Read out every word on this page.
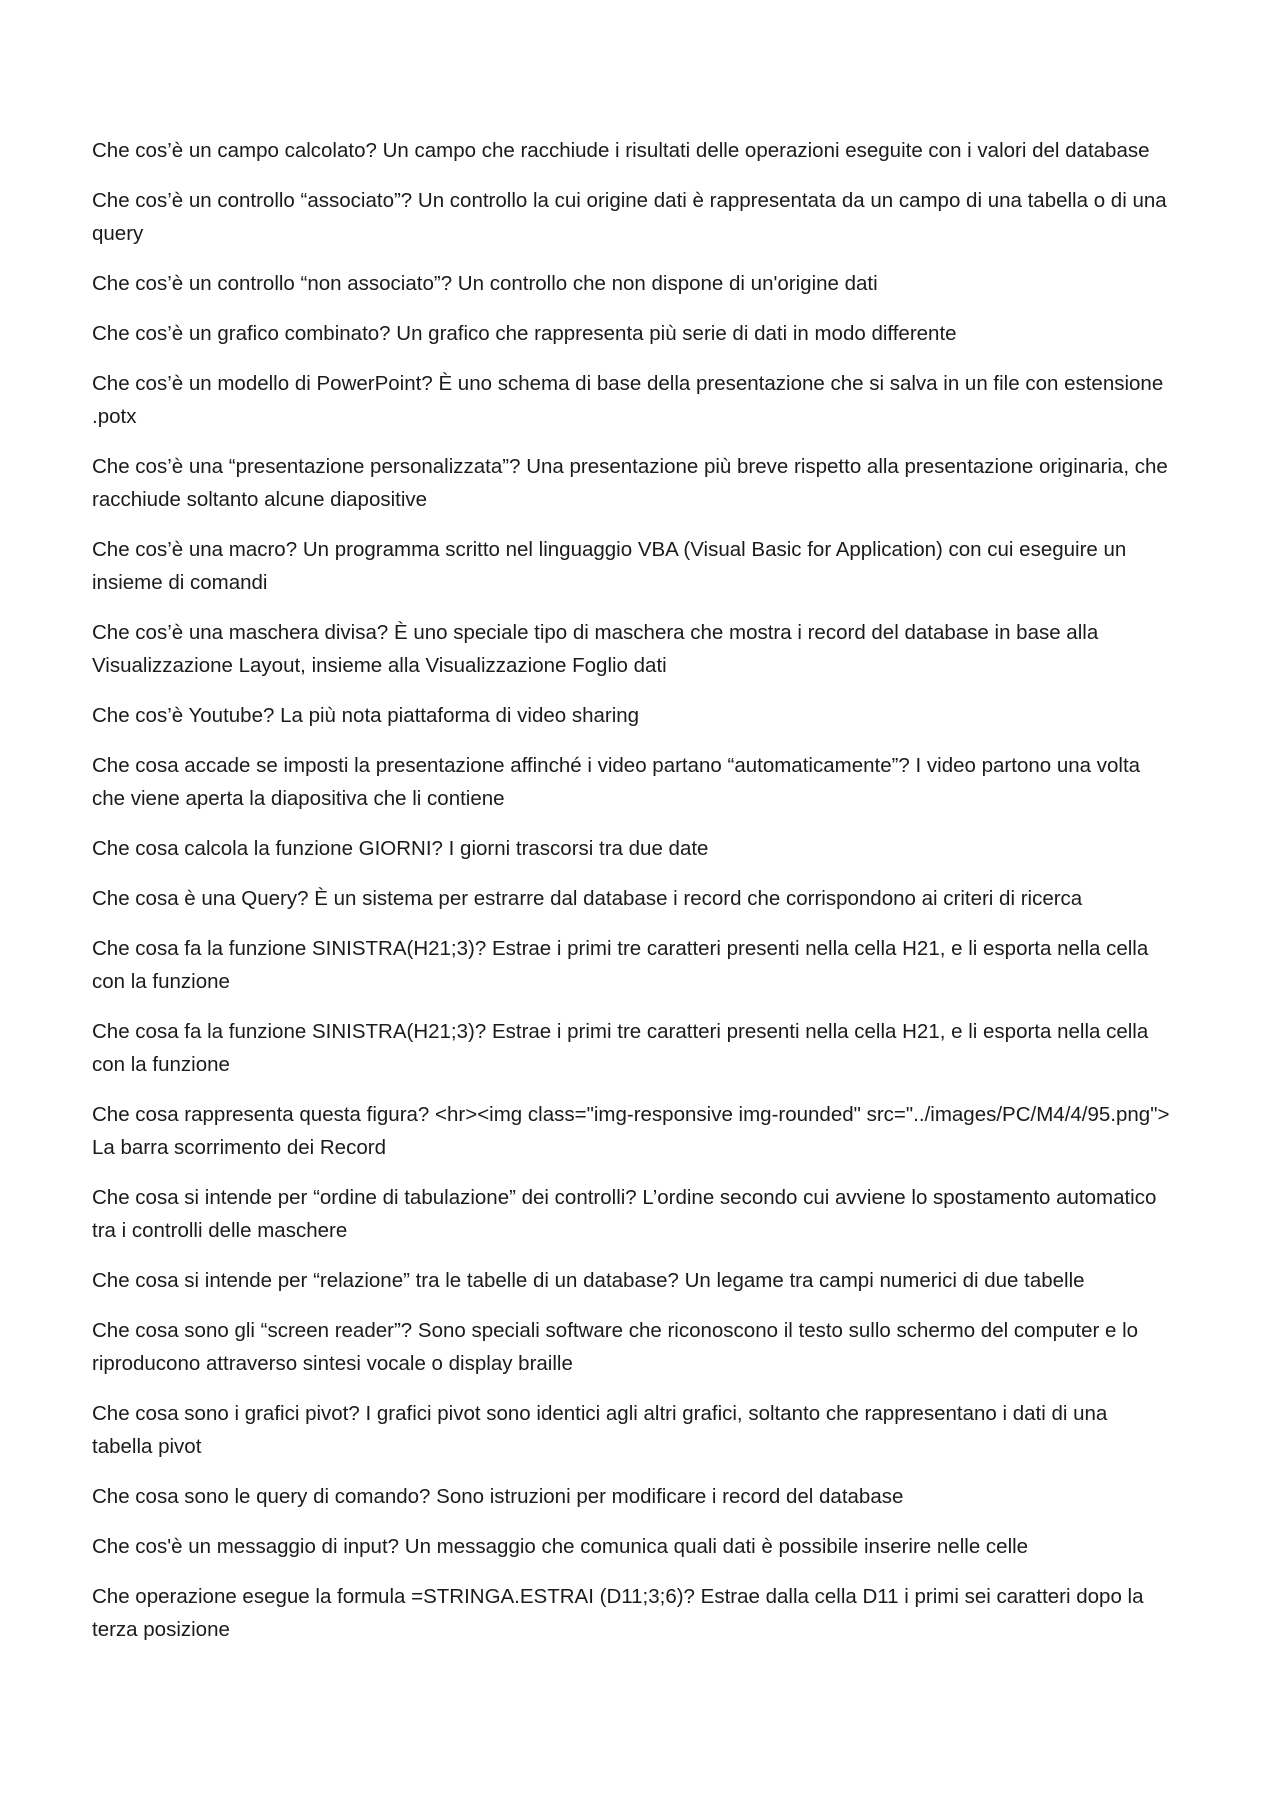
Che cos’è un campo calcolato? Un campo che racchiude i risultati delle operazioni eseguite con i valori del database

Che cos’è un controllo “associato”? Un controllo la cui origine dati è rappresentata da un campo di una tabella o di una query

Che cos’è un controllo “non associato”? Un controllo che non dispone di un'origine dati

Che cos’è un grafico combinato? Un grafico che rappresenta più serie di dati in modo differente

Che cos’è un modello di PowerPoint? È uno schema di base della presentazione che si salva in un file con estensione .potx

Che cos’è una “presentazione personalizzata”? Una presentazione più breve rispetto alla presentazione originaria, che racchiude soltanto alcune diapositive

Che cos’è una macro? Un programma scritto nel linguaggio VBA (Visual Basic for Application) con cui eseguire un insieme di comandi

Che cos’è una maschera divisa? È uno speciale tipo di maschera che mostra i record del database in base alla Visualizzazione Layout, insieme alla Visualizzazione Foglio dati

Che cos’è Youtube? La più nota piattaforma di video sharing

Che cosa accade se imposti la presentazione affinché i video partano “automaticamente”? I video partono una volta che viene aperta la diapositiva che li contiene

Che cosa calcola la funzione GIORNI? I giorni trascorsi tra due date

Che cosa è una Query? È un sistema per estrarre dal database i record che corrispondono ai criteri di ricerca

Che cosa fa la funzione SINISTRA(H21;3)? Estrae i primi tre caratteri presenti nella cella H21, e li esporta nella cella con la funzione

Che cosa fa la funzione SINISTRA(H21;3)? Estrae i primi tre caratteri presenti nella cella H21, e li esporta nella cella con la funzione

Che cosa rappresenta questa figura? <hr><img class="img-responsive img-rounded" src="../images/PC/M4/4/95.png"> La barra scorrimento dei Record

Che cosa si intende per “ordine di tabulazione” dei controlli? L’ordine secondo cui avviene lo spostamento automatico tra i controlli delle maschere

Che cosa si intende per “relazione” tra le tabelle di un database? Un legame tra campi numerici di due tabelle

Che cosa sono gli “screen reader”? Sono speciali software che riconoscono il testo sullo schermo del computer e lo riproducono attraverso sintesi vocale o display braille

Che cosa sono i grafici pivot? I grafici pivot sono identici agli altri grafici, soltanto che rappresentano i dati di una tabella pivot

Che cosa sono le query di comando? Sono istruzioni per modificare i record del database

Che cos'è un messaggio di input? Un messaggio che comunica quali dati è possibile inserire nelle celle

Che operazione esegue la formula =STRINGA.ESTRAI (D11;3;6)? Estrae dalla cella D11 i primi sei caratteri dopo la terza posizione
